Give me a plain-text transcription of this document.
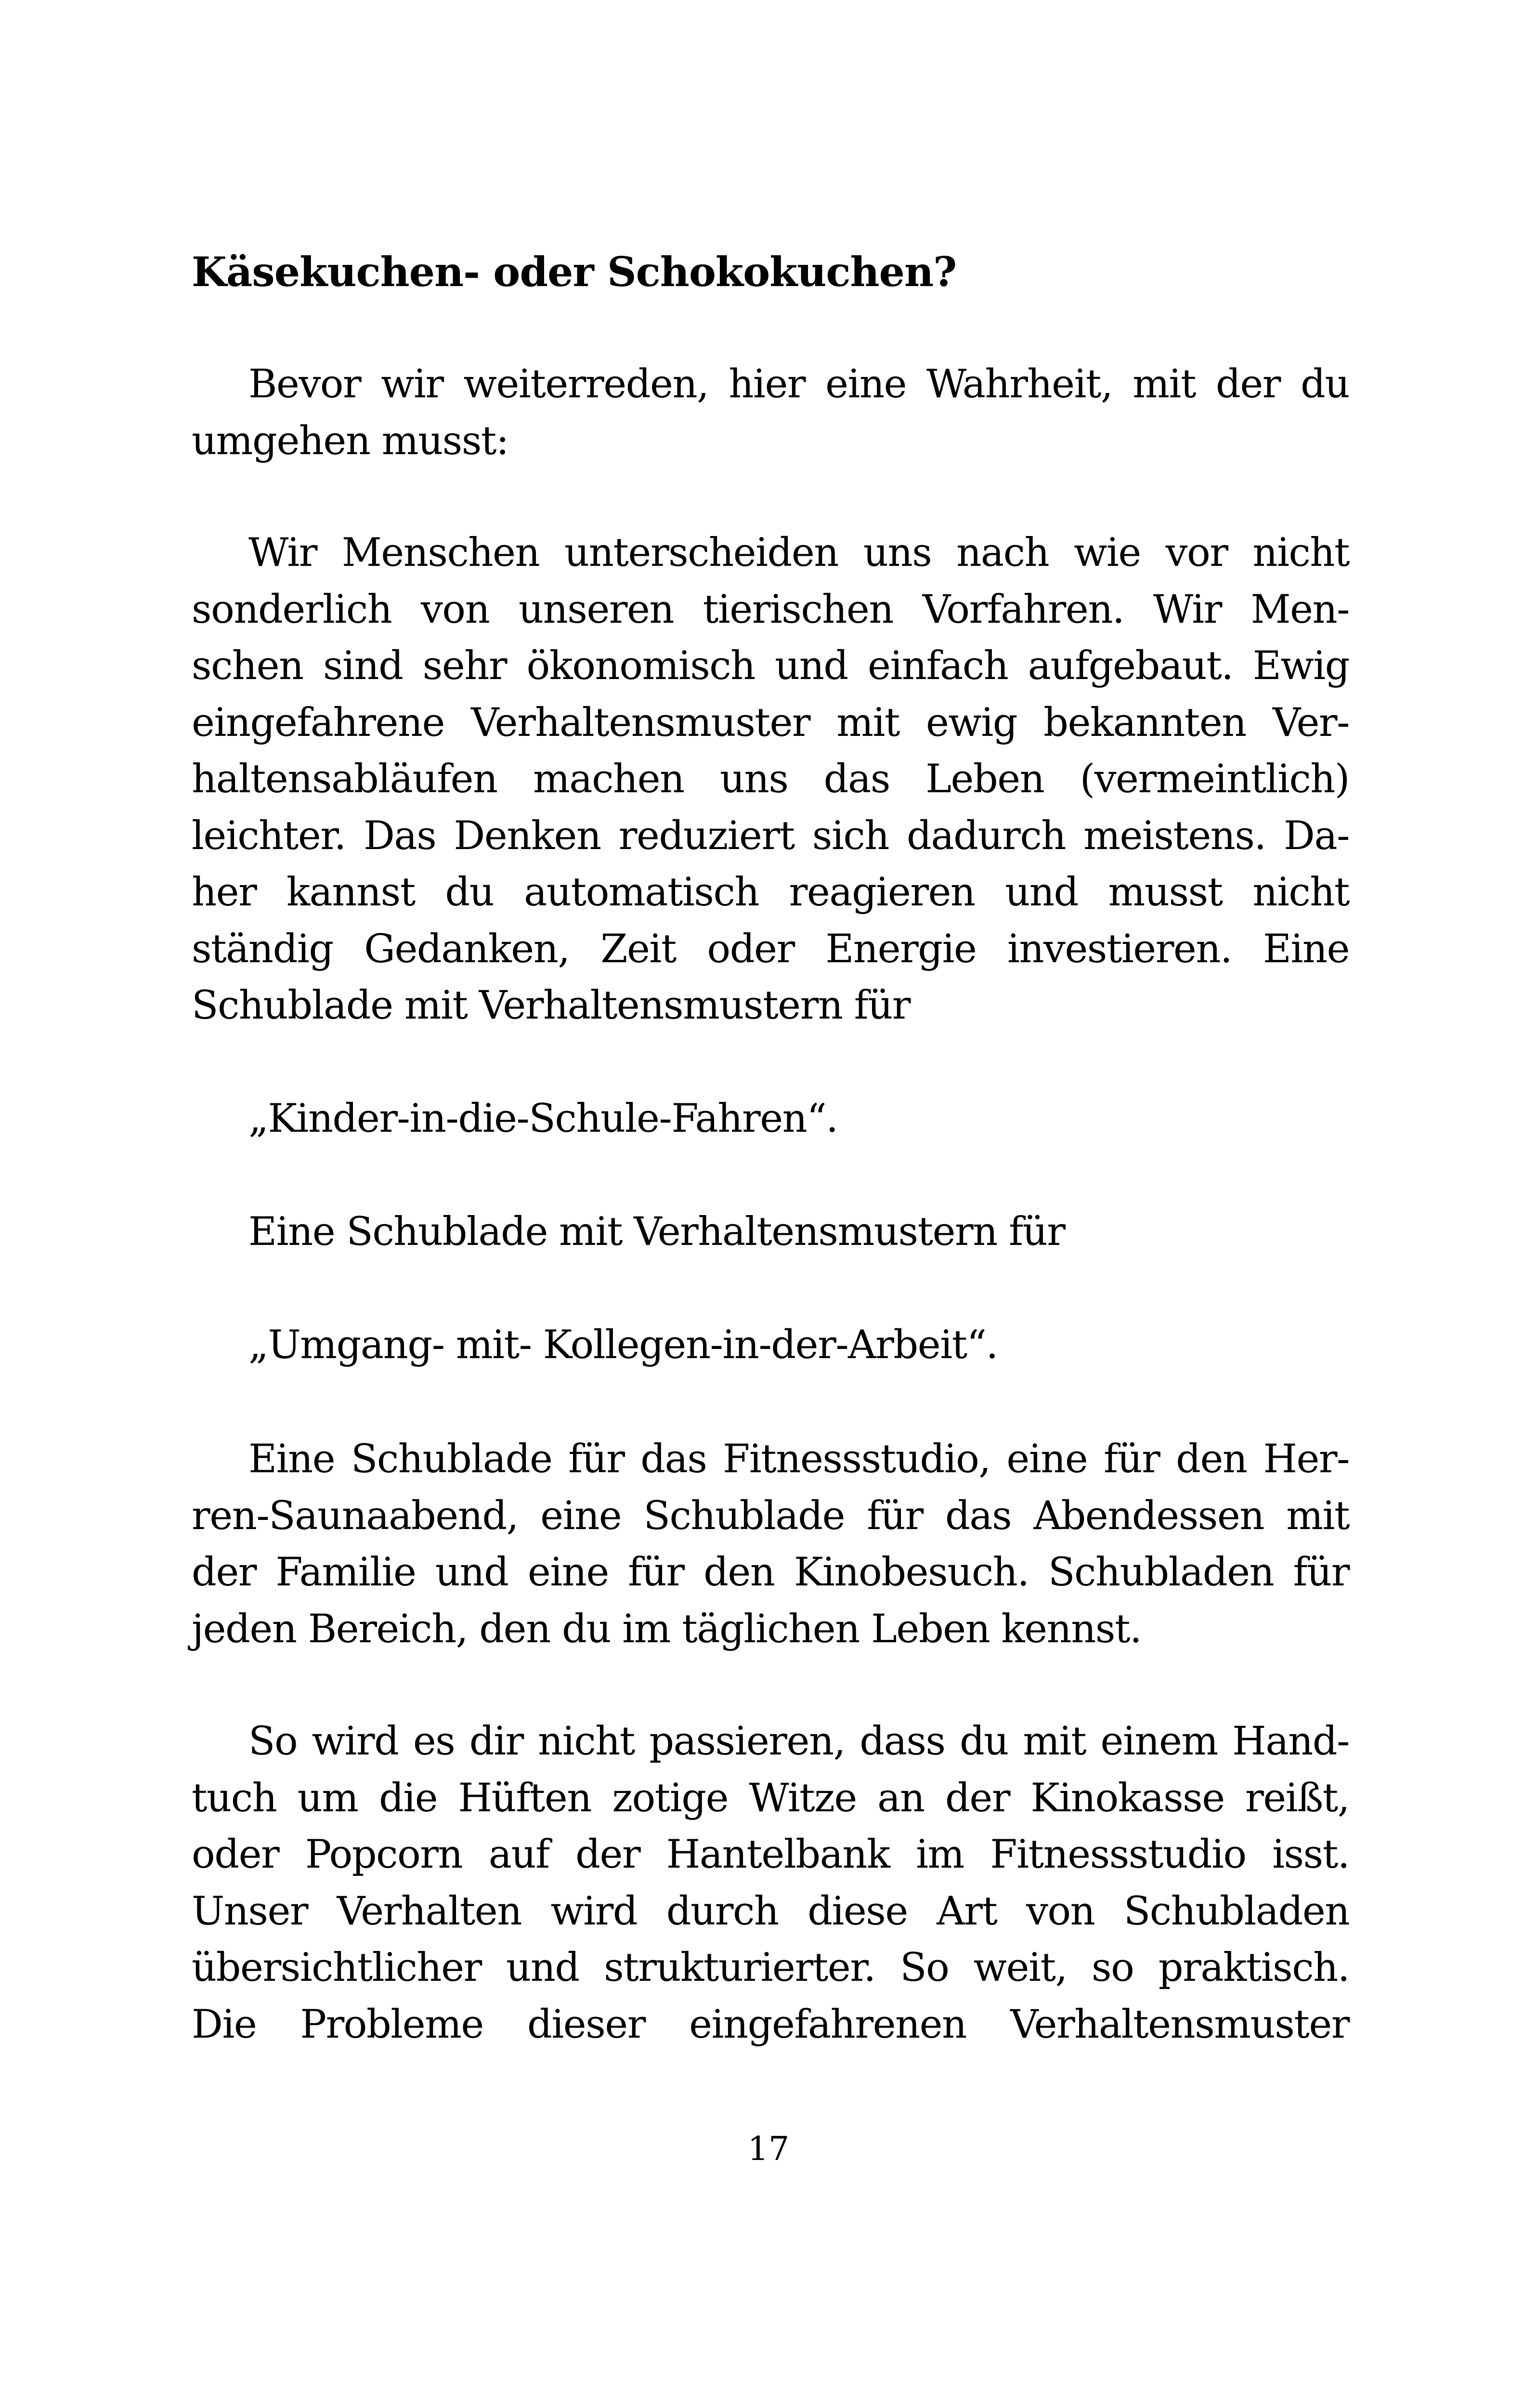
Käsekuchen- oder Schokokuchen?
Bevor wir weiterreden, hier eine Wahrheit, mit der du
umgehen musst:
Wir Menschen unterscheiden uns nach wie vor nicht
sonderlich von unseren tierischen Vorfahren. Wir Men-
schen sind sehr ökonomisch und einfach aufgebaut. Ewig
eingefahrene Verhaltensmuster mit ewig bekannten Ver-
haltensabläufen machen uns das Leben (vermeintlich)
leichter. Das Denken reduziert sich dadurch meistens. Da-
her kannst du automatisch reagieren und musst nicht
ständig Gedanken, Zeit oder Energie investieren. Eine
Schublade mit Verhaltensmustern für
„Kinder-in-die-Schule-Fahren“.
Eine Schublade mit Verhaltensmustern für
„Umgang- mit- Kollegen-in-der-Arbeit“.
Eine Schublade für das Fitnessstudio, eine für den Her-
ren-Saunaabend, eine Schublade für das Abendessen mit
der Familie und eine für den Kinobesuch. Schubladen für
jeden Bereich, den du im täglichen Leben kennst.
So wird es dir nicht passieren, dass du mit einem Hand-
tuch um die Hüften zotige Witze an der Kinokasse reißt,
oder Popcorn auf der Hantelbank im Fitnessstudio isst.
Unser Verhalten wird durch diese Art von Schubladen
übersichtlicher und strukturierter. So weit, so praktisch.
Die Probleme dieser eingefahrenen Verhaltensmuster
17
